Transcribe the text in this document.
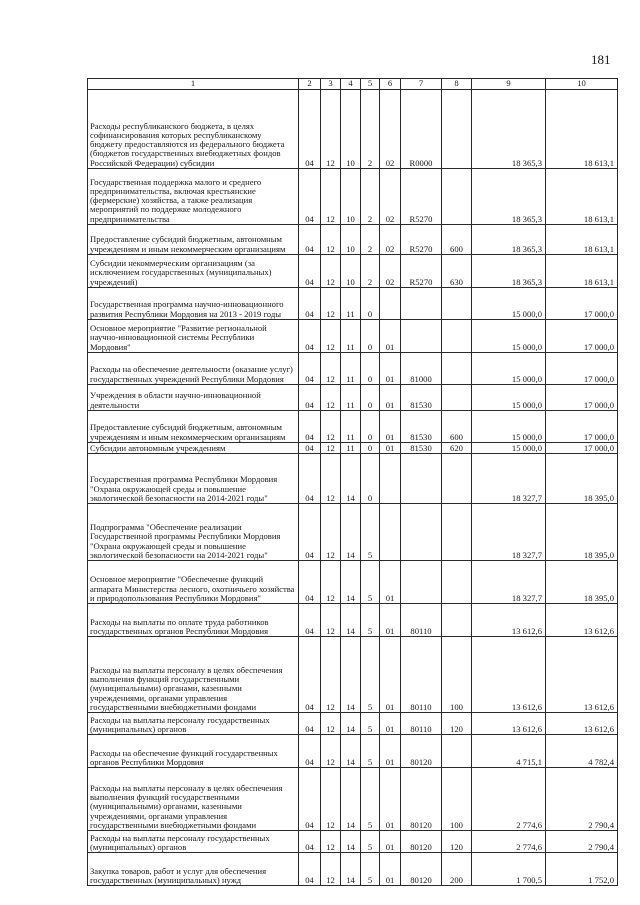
181
1	2	3	4	5	6	7	8	9	10
Расходы республиканского бюджета, в целях софинансирования которых республиканскому бюджету предоставляются из федерального бюджета (бюджетов государственных внебюджетных фондов Российской Федерации) субсидии	04	12	10	2	02	R0000		18 365,3	18 613,1
Государственная поддержка малого и среднего предпринимательства, включая крестьянские (фермерские) хозяйства, а также реализация мероприятий по поддержке молодежного предпринимательства	04	12	10	2	02	R5270		18 365,3	18 613,1
Предоставление субсидий бюджетным, автономным учреждениям и иным некоммерческим организациям	04	12	10	2	02	R5270	600	18 365,3	18 613,1
Субсидии некоммерческим организациям (за исключением государственных (муниципальных) учреждений)	04	12	10	2	02	R5270	630	18 365,3	18 613,1
Государственная программа научно-инновационного развития Республики Мордовия на 2013 - 2019 годы	04	12	11	0				15 000,0	17 000,0
Основное мероприятие "Развитие региональной научно-инновационной системы Республики Мордовия"	04	12	11	0	01			15 000,0	17 000,0
Расходы на обеспечение деятельности (оказание услуг) государственных учреждений Республики Мордовия	04	12	11	0	01	81000		15 000,0	17 000,0
Учреждения в области научно-инновационной деятельности	04	12	11	0	01	81530		15 000,0	17 000,0
Предоставление субсидий бюджетным, автономным учреждениям и иным некоммерческим организациям	04	12	11	0	01	81530	600	15 000,0	17 000,0
Субсидии автономным учреждениям	04	12	11	0	01	81530	620	15 000,0	17 000,0
Государственная программа Республики Мордовия "Охрана окружающей среды и повышение экологической безопасности на 2014-2021 годы"	04	12	14	0				18 327,7	18 395,0
Подпрограмма "Обеспечение реализации Государственной программы Республики Мордовия "Охрана окружающей среды и повышение экологической безопасности на 2014-2021 годы"	04	12	14	5				18 327,7	18 395,0
Основное мероприятие "Обеспечение функций аппарата Министерства лесного, охотничьего хозяйства и природопользования Республики Мордовия"	04	12	14	5	01			18 327,7	18 395,0
Расходы на выплаты по оплате труда работников государственных органов Республики Мордовия	04	12	14	5	01	80110		13 612,6	13 612,6
Расходы на выплаты персоналу в целях обеспечения выполнения функций государственными (муниципальными) органами, казенными учреждениями, органами управления государственными внебюджетными фондами	04	12	14	5	01	80110	100	13 612,6	13 612,6
Расходы на выплаты персоналу государственных (муниципальных) органов	04	12	14	5	01	80110	120	13 612,6	13 612,6
Расходы на обеспечение функций государственных органов Республики Мордовия	04	12	14	5	01	80120		4 715,1	4 782,4
Расходы на выплаты персоналу в целях обеспечения выполнения функций государственными (муниципальными) органами, казенными учреждениями, органами управления государственными внебюджетными фондами	04	12	14	5	01	80120	100	2 774,6	2 790,4
Расходы на выплаты персоналу государственных (муниципальных) органов	04	12	14	5	01	80120	120	2 774,6	2 790,4
Закупка товаров, работ и услуг для обеспечения государственных (муниципальных) нужд	04	12	14	5	01	80120	200	1 700,5	1 752,0
